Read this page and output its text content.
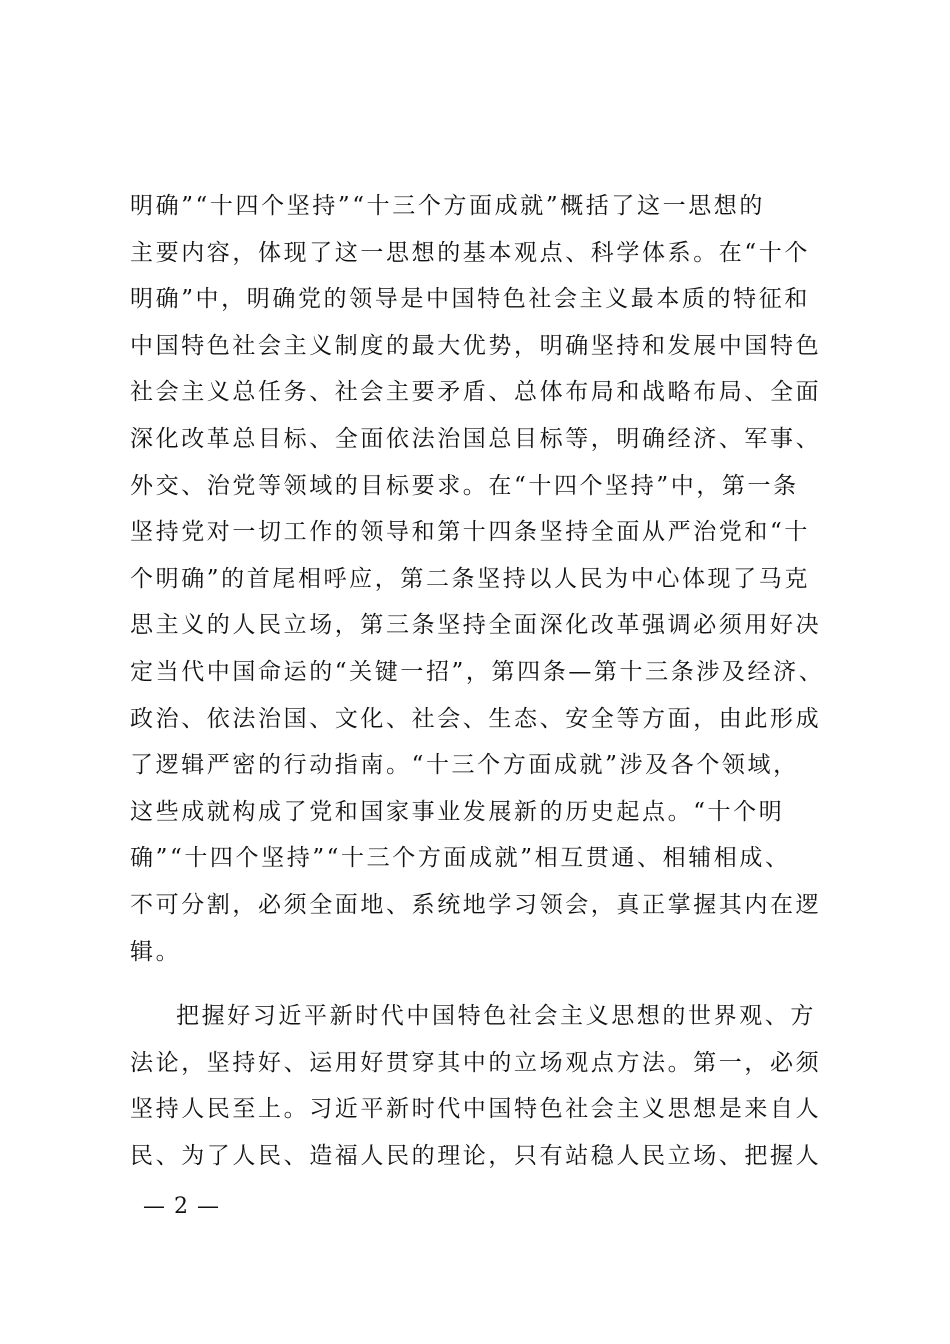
明确”“十四个坚持”“十三个方面成就”概括了这一思想的
主要内容，体现了这一思想的基本观点、科学体系。在“十个
明确”中，明确党的领导是中国特色社会主义最本质的特征和
中国特色社会主义制度的最大优势，明确坚持和发展中国特色
社会主义总任务、社会主要矛盾、总体布局和战略布局、全面
深化改革总目标、全面依法治国总目标等，明确经济、军事、
外交、治党等领域的目标要求。在“十四个坚持”中，第一条
坚持党对一切工作的领导和第十四条坚持全面从严治党和“十
个明确”的首尾相呼应，第二条坚持以人民为中心体现了马克
思主义的人民立场，第三条坚持全面深化改革强调必须用好决
定当代中国命运的“关键一招”，第四条—第十三条涉及经济、
政治、依法治国、文化、社会、生态、安全等方面，由此形成
了逻辑严密的行动指南。“十三个方面成就”涉及各个领域，
这些成就构成了党和国家事业发展新的历史起点。“十个明
确”“十四个坚持”“十三个方面成就”相互贯通、相辅相成、
不可分割，必须全面地、系统地学习领会，真正掌握其内在逻
辑。
把握好习近平新时代中国特色社会主义思想的世界观、方
法论，坚持好、运用好贯穿其中的立场观点方法。第一，必须
坚持人民至上。习近平新时代中国特色社会主义思想是来自人
民、为了人民、造福人民的理论，只有站稳人民立场、把握人
— 2 —
